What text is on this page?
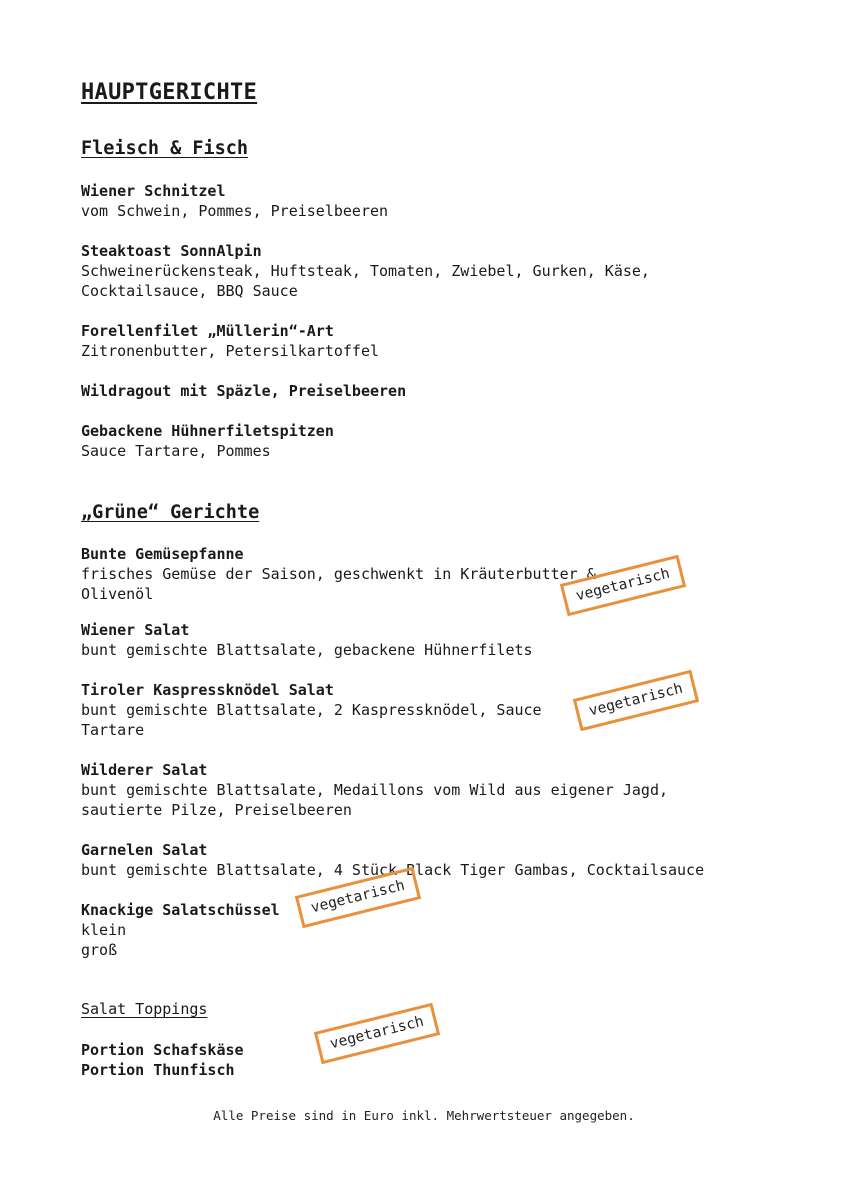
HAUPTGERICHTE
Fleisch & Fisch
Wiener Schnitzel
vom Schwein, Pommes, Preiselbeeren
Steaktoast SonnAlpin
Schweinerückensteak, Huftsteak, Tomaten, Zwiebel, Gurken, Käse,
Cocktailsauce, BBQ Sauce
Forellenfilet „Müllerin“-Art
Zitronenbutter, Petersilkartoffel
Wildragout mit Späzle, Preiselbeeren
Gebackene Hühnerfiletspitzen
Sauce Tartare, Pommes
„Grüne“ Gerichte
Bunte Gemüsepfanne
frisches Gemüse der Saison, geschwenkt in Kräuterbutter &
Olivenöl
Wiener Salat
bunt gemischte Blattsalate, gebackene Hühnerfilets
Tiroler Kaspressknödel Salat
bunt gemischte Blattsalate, 2 Kaspressknödel, Sauce
Tartare
Wilderer Salat
bunt gemischte Blattsalate, Medaillons vom Wild aus eigener Jagd,
sautierte Pilze, Preiselbeeren
Garnelen Salat
bunt gemischte Blattsalate, 4 Stück Black Tiger Gambas, Cocktailsauce
Knackige Salatschüssel
klein
groß
Salat Toppings
Portion Schafskäse
Portion Thunfisch
vegetarisch
vegetarisch
vegetarisch
vegetarisch
Alle Preise sind in Euro inkl. Mehrwertsteuer angegeben.
